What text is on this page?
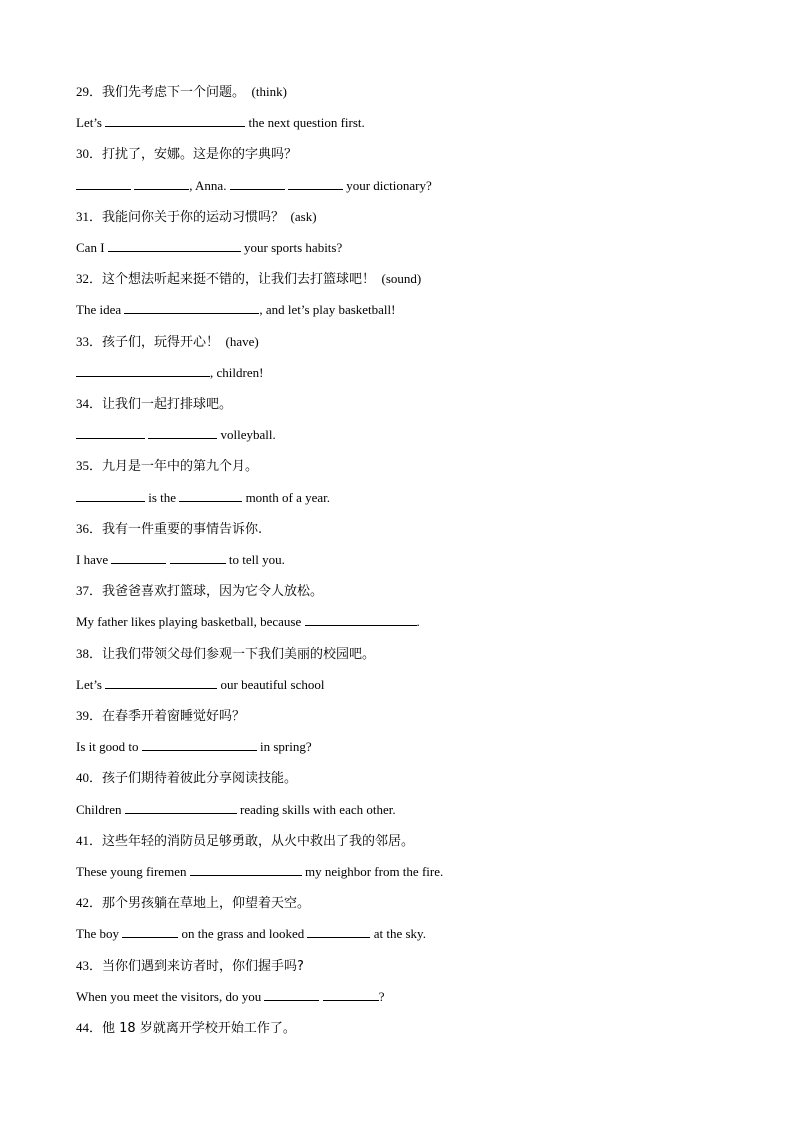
29．我们先考虑下一个问题。 (think)
Let’s	the next question first.
30．打扰了，安娜。这是你的字典吗？
, Anna.	your dictionary?
31．我能问你关于你的运动习惯吗？ (ask)
Can I	your sports habits?
32．这个想法听起来挺不错的，让我们去打篮球吧！ (sound)
The idea	, and let’s play basketball!
33．孩子们，玩得开心！ (have)
, children!
34．让我们一起打排球吧。
volleyball.
35．九月是一年中的第九个月。
is the	month of a year.
36．我有一件重要的事情告诉你.
I have	to tell you.
37．我爸爸喜欢打篮球，因为它令人放松。
My father likes playing basketball, because	.
38．让我们带领父母们参观一下我们美丽的校园吧。
Let’s	our beautiful school
39．在春季开着窗睡觉好吗？
Is it good to	in spring?
40．孩子们期待着彼此分享阅读技能。
Children	reading skills with each other.
41．这些年轻的消防员足够勇敢，从火中救出了我的邻居。
These young firemen	my neighbor from the fire.
42．那个男孩躺在草地上，仰望着天空。
The boy	on the grass and looked	at the sky.
43．当你们遇到来访者时，你们握手吗?
When you meet the visitors, do you	?
44．他 18 岁就离开学校开始工作了。
